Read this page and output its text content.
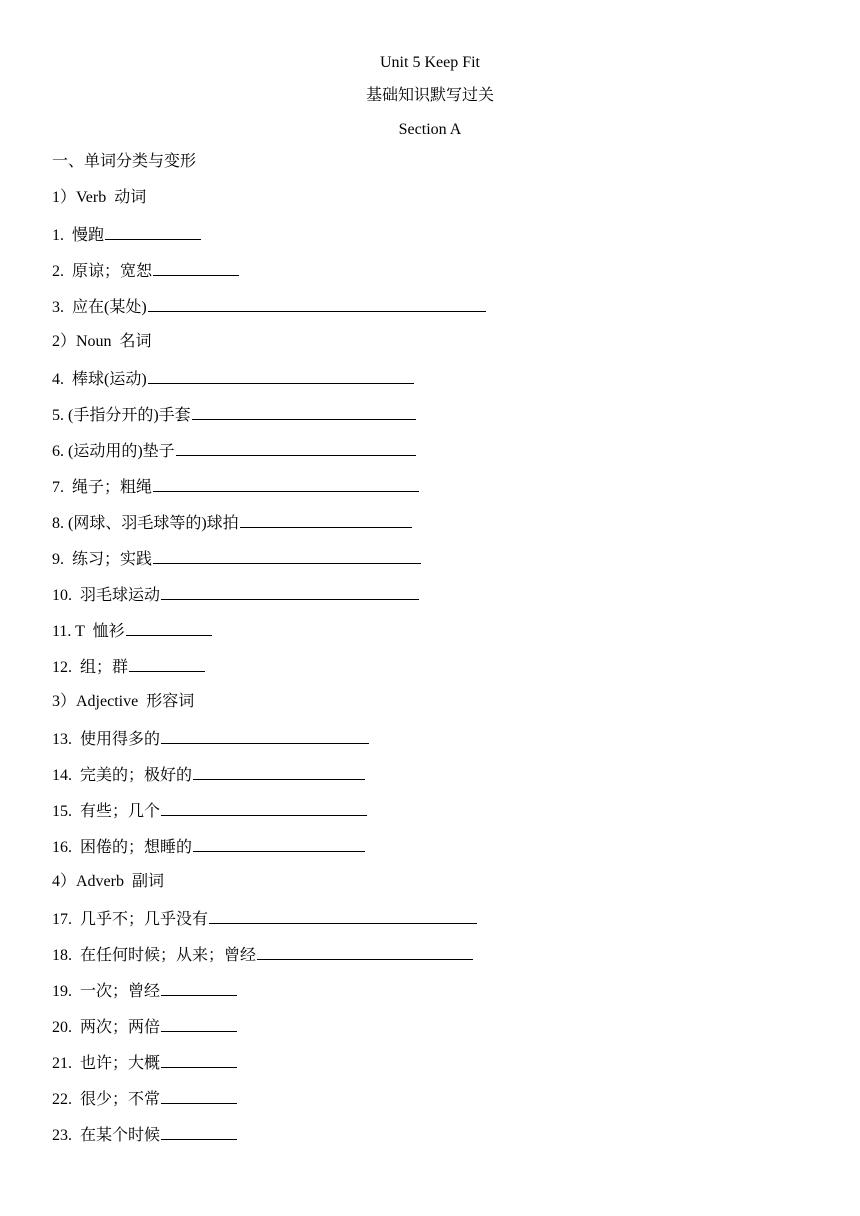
Unit 5 Keep Fit
基础知识默写过关
Section A
一、单词分类与变形
1）Verb  动词
1.  慢跑
2.  原谅；宽恕
3.  应在(某处)
2）Noun  名词
4.  棒球(运动)
5. (手指分开的)手套
6. (运动用的)垫子
7.  绳子；粗绳
8. (网球、羽毛球等的)球拍
9.  练习；实践
10.  羽毛球运动
11. T  恤衫
12.  组；群
3）Adjective  形容词
13.  使用得多的
14.  完美的；极好的
15.  有些；几个
16.  困倦的；想睡的
4）Adverb  副词
17.  几乎不；几乎没有
18.  在任何时候；从来；曾经
19.  一次；曾经
20.  两次；两倍
21.  也许；大概
22.  很少；不常
23.  在某个时候
